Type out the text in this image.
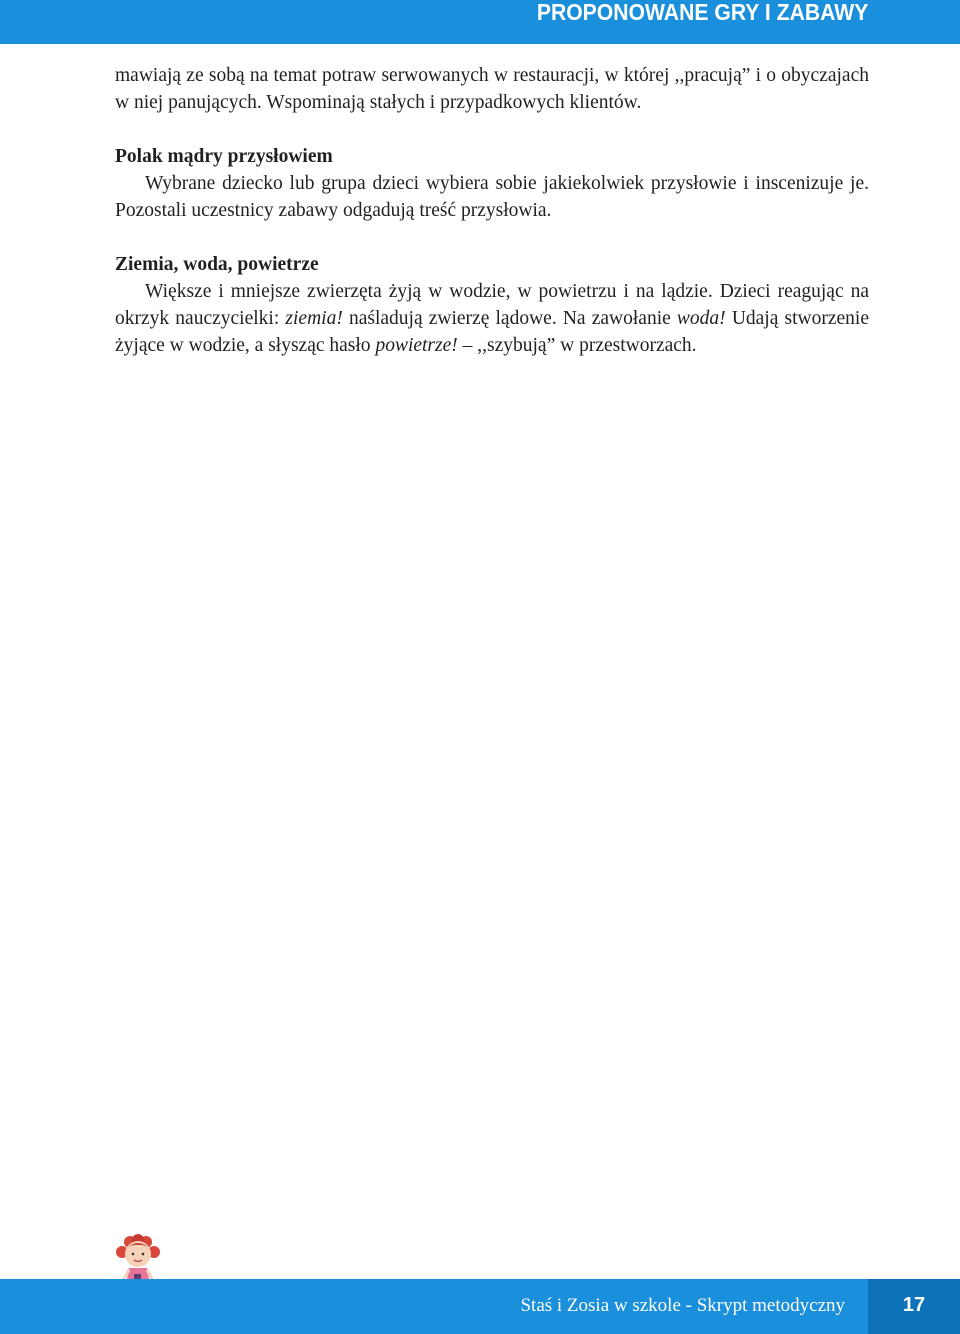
PROPONOWANE GRY I ZABAWY

mawiają ze sobą na temat potraw serwowanych w restauracji, w której ,,pracują” i o obyczajach w niej panujących. Wspominają stałych i przypadkowych klientów.

Polak mądry przysłowiem

Wybrane dziecko lub grupa dzieci wybiera sobie jakiekolwiek przysłowie i inscenizuje je. Pozostali uczestnicy zabawy odgadują treść przysłowia.

Ziemia, woda, powietrze

Większe i mniejsze zwierzęta żyją w wodzie, w powietrzu i na lądzie. Dzieci reagując na okrzyk nauczycielki: ziemia! naśladują zwierzę lądowe. Na zawołanie woda! Udają stworzenie żyjące w wodzie, a słysząc hasło powietrze! – ,,szybują” w przestworzach.

Staś i Zosia w szkole - Skrypt metodyczny	17
